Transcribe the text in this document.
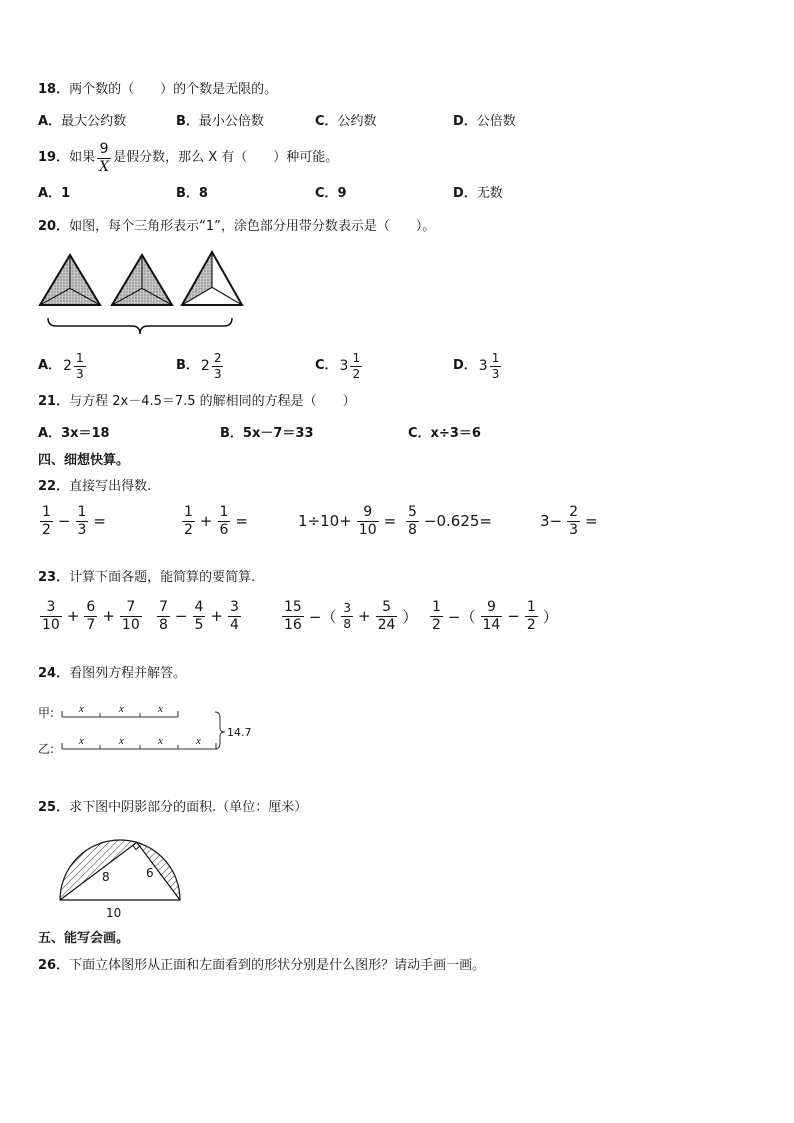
18． 两个数的（　　）的个数是无限的。
A． 最大公约数	B． 最小公倍数	C． 公约数	D． 公倍数
19． 如果 $\frac{9}{X}$ 是假分数，那么 X 有（　　）种可能。
A． 1	B． 8	C． 9	D． 无数
20． 如图，每个三角形表示“1”，涂色部分用带分数表示是（　　）。
A． $2 \frac{1}{3}$	B． $2 \frac{2}{3}$	C． $3 \frac{1}{2}$	D． $3 \frac{1}{3}$
21． 与方程 2x－4.5＝7.5 的解相同的方程是（　　）
A． 3x＝18	B． 5x－7＝33	C． x÷3＝6
四、细想快算。
22． 直接写出得数.
$\frac{1}{2} - \frac{1}{3}$ =	$\frac{1}{2} + \frac{1}{6}$ =	$1\div 10+ \frac{9}{10} = \frac{5}{8} -0.625=$	$3- \frac{2}{3}$ =
23． 计算下面各题，能简算的要简算.
$\frac{3}{10} + \frac{6}{7} + \frac{7}{10} \frac{7}{8} - \frac{4}{5} + \frac{3}{4}$	$\frac{15}{16}$ −（ $\frac{3}{8} + \frac{5}{24}$ ） $\frac{1}{2}$ −（ $\frac{9}{14} - \frac{1}{2}$ ）
24． 看图列方程并解答。
甲: x	x	x
乙:
x	x	x	x
14.7
25． 求下图中阴影部分的面积.（单位：厘米）
8	6
10
五、能写会画。
26． 下面立体图形从正面和左面看到的形状分别是什么图形？请动手画一画。
